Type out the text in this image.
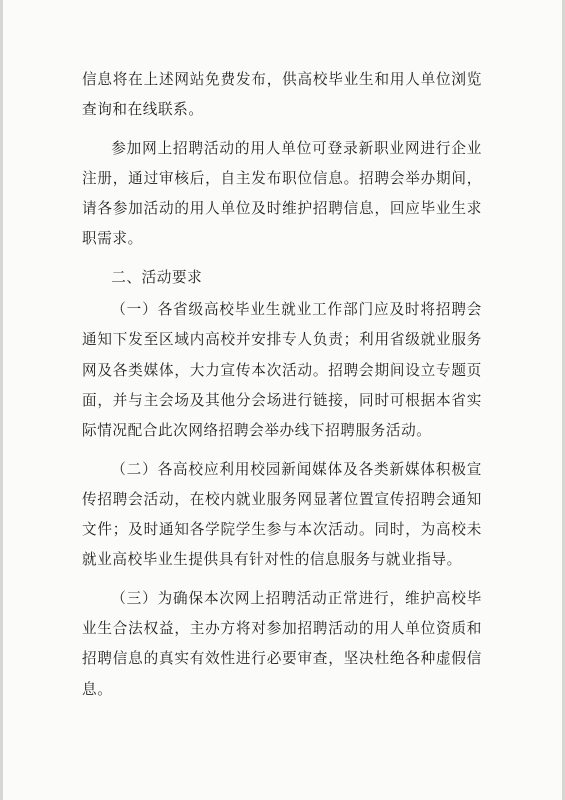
信息将在上述网站免费发布，供高校毕业生和用人单位浏览查询和在线联系。

参加网上招聘活动的用人单位可登录新职业网进行企业注册，通过审核后，自主发布职位信息。招聘会举办期间，请各参加活动的用人单位及时维护招聘信息，回应毕业生求职需求。

二、活动要求

（一）各省级高校毕业生就业工作部门应及时将招聘会通知下发至区域内高校并安排专人负责；利用省级就业服务网及各类媒体，大力宣传本次活动。招聘会期间设立专题页面，并与主会场及其他分会场进行链接，同时可根据本省实际情况配合此次网络招聘会举办线下招聘服务活动。

（二）各高校应利用校园新闻媒体及各类新媒体积极宣传招聘会活动，在校内就业服务网显著位置宣传招聘会通知文件；及时通知各学院学生参与本次活动。同时，为高校未就业高校毕业生提供具有针对性的信息服务与就业指导。

（三）为确保本次网上招聘活动正常进行，维护高校毕业生合法权益，主办方将对参加招聘活动的用人单位资质和招聘信息的真实有效性进行必要审查，坚决杜绝各种虚假信息。
